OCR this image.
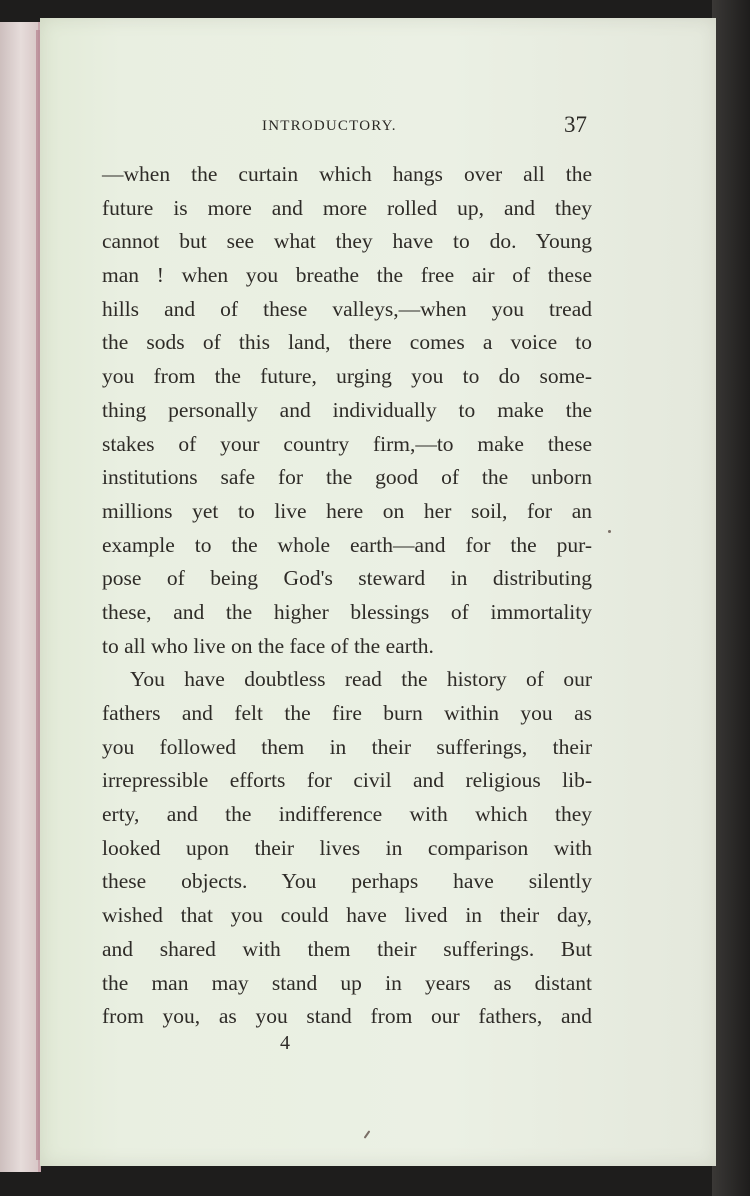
INTRODUCTORY.	37
—when the curtain which hangs over all the
future is more and more rolled up, and they
cannot but see what they have to do. Young
man ! when you breathe the free air of these
hills and of these valleys,—when you tread
the sods of this land, there comes a voice to
you from the future, urging you to do some-
thing personally and individually to make the
stakes of your country firm,—to make these
institutions safe for the good of the unborn
millions yet to live here on her soil, for an
example to the whole earth—and for the pur-
pose of being God's steward in distributing
these, and the higher blessings of immortality
to all who live on the face of the earth.
You have doubtless read the history of our
fathers and felt the fire burn within you as
you followed them in their sufferings, their
irrepressible efforts for civil and religious lib-
erty, and the indifference with which they
looked upon their lives in comparison with
these objects. You perhaps have silently
wished that you could have lived in their day,
and shared with them their sufferings. But
the man may stand up in years as distant
from you, as you stand from our fathers, and
4
